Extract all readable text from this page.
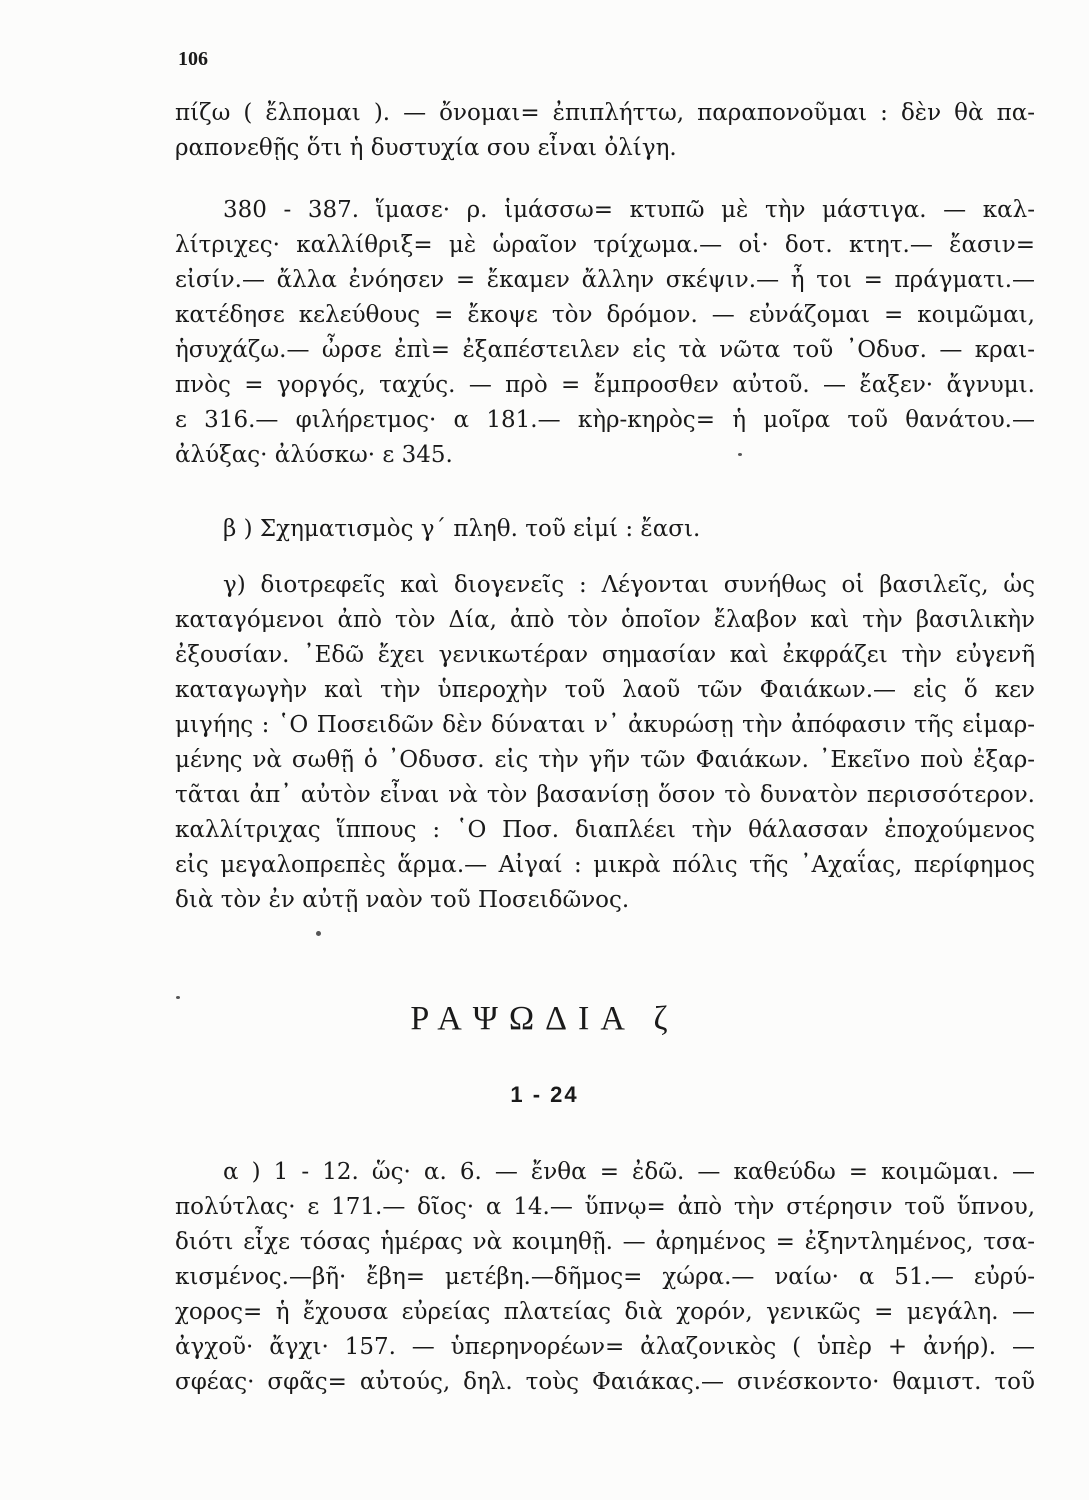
106
πίζω ( ἔλπομαι ). — ὄνομαι= ἐπιπλήττω, παραπονοῦμαι : δὲν θὰ πα-
ραπονεθῇς ὅτι ἡ δυστυχία σου εἶναι ὀλίγη.
380 - 387. ἵμασε· ρ. ἱμάσσω= κτυπῶ μὲ τὴν μάστιγα. — καλ-
λίτριχες· καλλίθριξ= μὲ ὡραῖον τρίχωμα.— οἱ· δοτ. κτητ.— ἔασιν=
εἰσίν.— ἄλλα ἐνόησεν = ἔκαμεν ἄλλην σκέψιν.— ἦ τοι = πράγματι.—
κατέδησε κελεύθους = ἔκοψε τὸν δρόμον. — εὐνάζομαι = κοιμῶμαι,
ἡσυχάζω.— ὦρσε ἐπὶ= ἐξαπέστειλεν εἰς τὰ νῶτα τοῦ ᾿Οδυσ. — κραι-
πνὸς = γοργός, ταχύς. — πρὸ = ἔμπροσθεν αὐτοῦ. — ἔαξεν· ἄγνυμι.
ε 316.— φιλήρετμος· α 181.— κὴρ-κηρὸς= ἡ μοῖρα τοῦ θανάτου.—
ἀλύξας· ἀλύσκω· ε 345.
β ) Σχηματισμὸς γ΄ πληθ. τοῦ εἰμί : ἔασι.
γ) διοτρεφεῖς καὶ διογενεῖς : Λέγονται συνήθως οἱ βασιλεῖς, ὡς
καταγόμενοι ἀπὸ τὸν Δία, ἀπὸ τὸν ὁποῖον ἔλαβον καὶ τὴν βασιλικὴν
ἐξουσίαν. ᾿Εδῶ ἔχει γενικωτέραν σημασίαν καὶ ἐκφράζει τὴν εὐγενῆ
καταγωγὴν καὶ τὴν ὑπεροχὴν τοῦ λαοῦ τῶν Φαιάκων.— εἰς ὅ κεν
μιγήης : ῾Ο Ποσειδῶν δὲν δύναται ν᾿ ἀκυρώσῃ τὴν ἀπόφασιν τῆς εἱμαρ-
μένης νὰ σωθῇ ὁ ᾿Οδυσσ. εἰς τὴν γῆν τῶν Φαιάκων. ᾿Εκεῖνο ποὺ ἐξαρ-
τᾶται ἀπ᾿ αὐτὸν εἶναι νὰ τὸν βασανίσῃ ὅσον τὸ δυνατὸν περισσότερον.
καλλίτριχας ἵππους : ῾Ο Ποσ. διαπλέει τὴν θάλασσαν ἐποχούμενος
εἰς μεγαλοπρεπὲς ἅρμα.— Αἰγαί : μικρὰ πόλις τῆς ᾿Αχαΐας, περίφημος
διὰ τὸν ἐν αὐτῇ ναὸν τοῦ Ποσειδῶνος.
ΡΑΨΩΔΙΑ ζ
1 - 24
α ) 1 - 12. ὥς· α. 6. — ἔνθα = ἐδῶ. — καθεύδω = κοιμῶμαι. —
πολύτλας· ε 171.— δῖος· α 14.— ὕπνῳ= ἀπὸ τὴν στέρησιν τοῦ ὕπνου,
διότι εἶχε τόσας ἡμέρας νὰ κοιμηθῇ. — ἀρημένος = ἐξηντλημένος, τσα-
κισμένος.—βῆ· ἔβη= μετέβη.—δῆμος= χώρα.— ναίω· α 51.— εὐρύ-
χορος= ἡ ἔχουσα εὐρείας πλατείας διὰ χορόν, γενικῶς = μεγάλη. —
ἀγχοῦ· ἄγχι· 157. — ὑπερηνορέων= ἀλαζονικὸς ( ὑπὲρ + ἀνήρ). —
σφέας· σφᾶς= αὐτούς, δηλ. τοὺς Φαιάκας.— σινέσκοντο· θαμιστ. τοῦ
